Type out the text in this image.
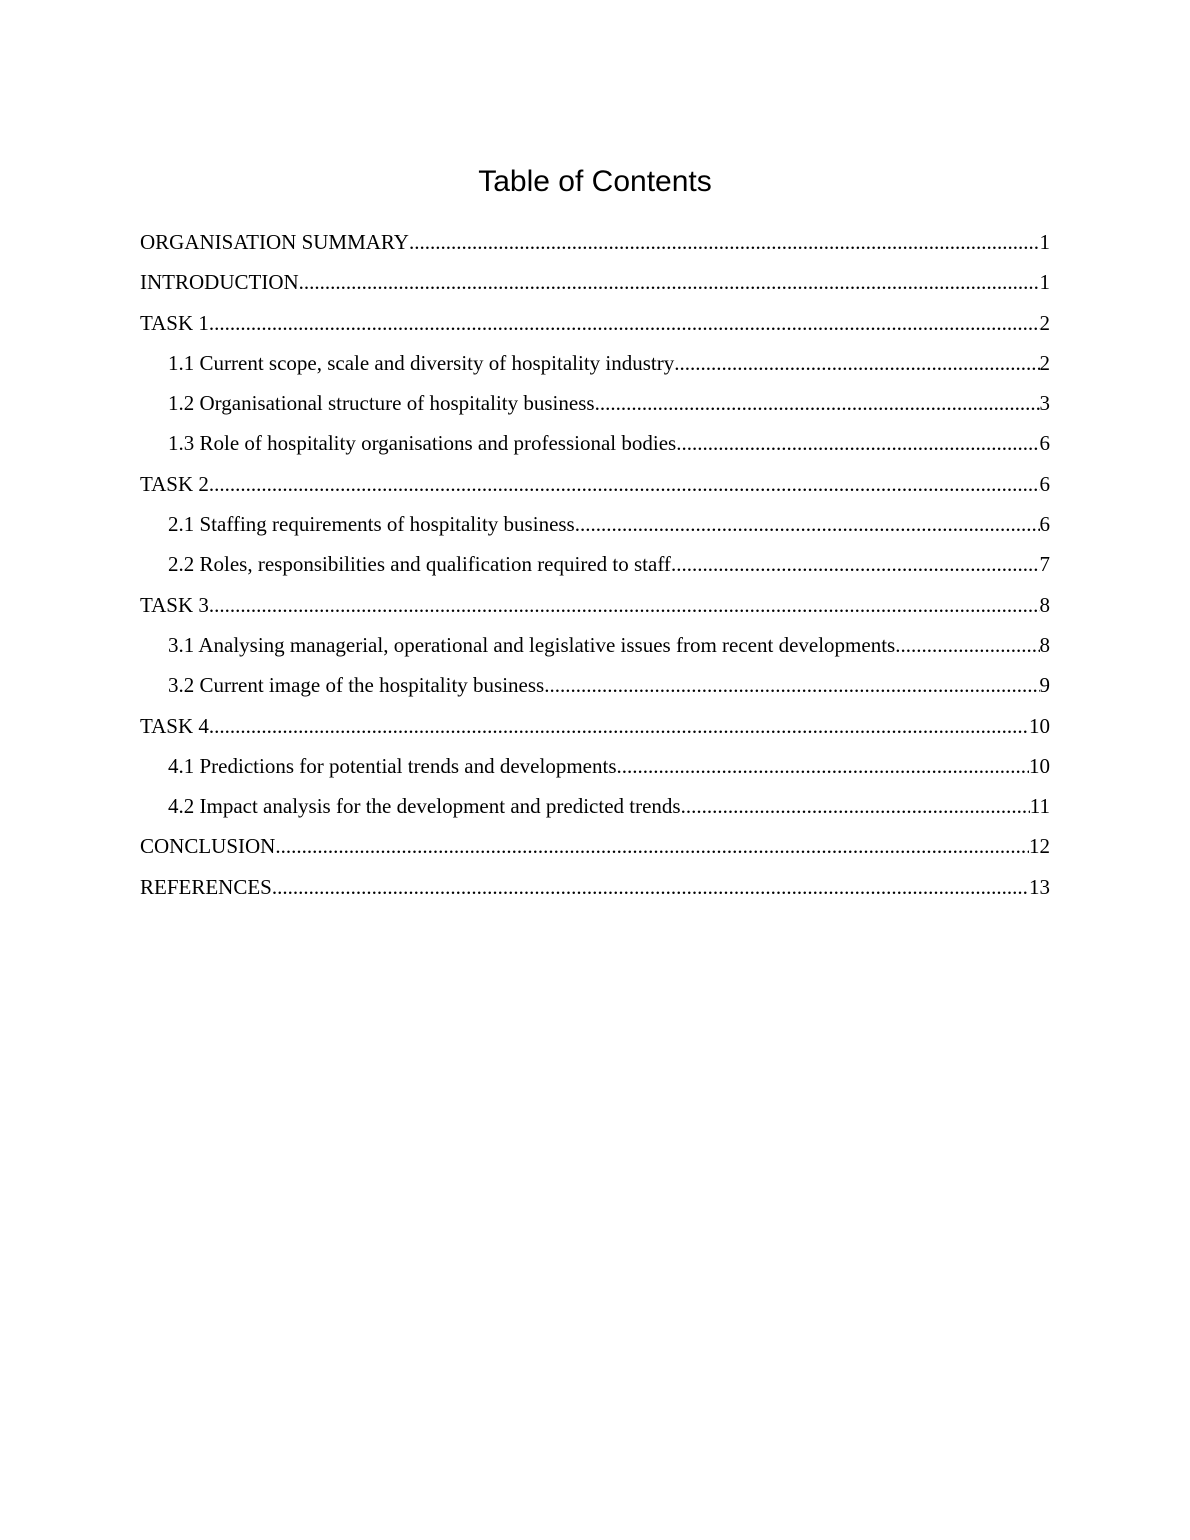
Table of Contents
ORGANISATION SUMMARY .....	1
INTRODUCTION .....	1
TASK 1 .....	2
1.1 Current scope, scale and diversity of hospitality industry .....	2
1.2 Organisational structure of hospitality business .....	3
1.3 Role of hospitality organisations and professional bodies .....	6
TASK 2 .....	6
2.1 Staffing requirements of hospitality business .....	6
2.2 Roles, responsibilities and qualification required to staff .....	7
TASK 3 .....	8
3.1 Analysing managerial, operational and legislative issues from recent developments .....	8
3.2 Current image of the hospitality business .....	9
TASK 4 .....	10
4.1 Predictions for potential trends and developments .....	10
4.2 Impact analysis for the development and predicted trends .....	11
CONCLUSION .....	12
REFERENCES .....	13
